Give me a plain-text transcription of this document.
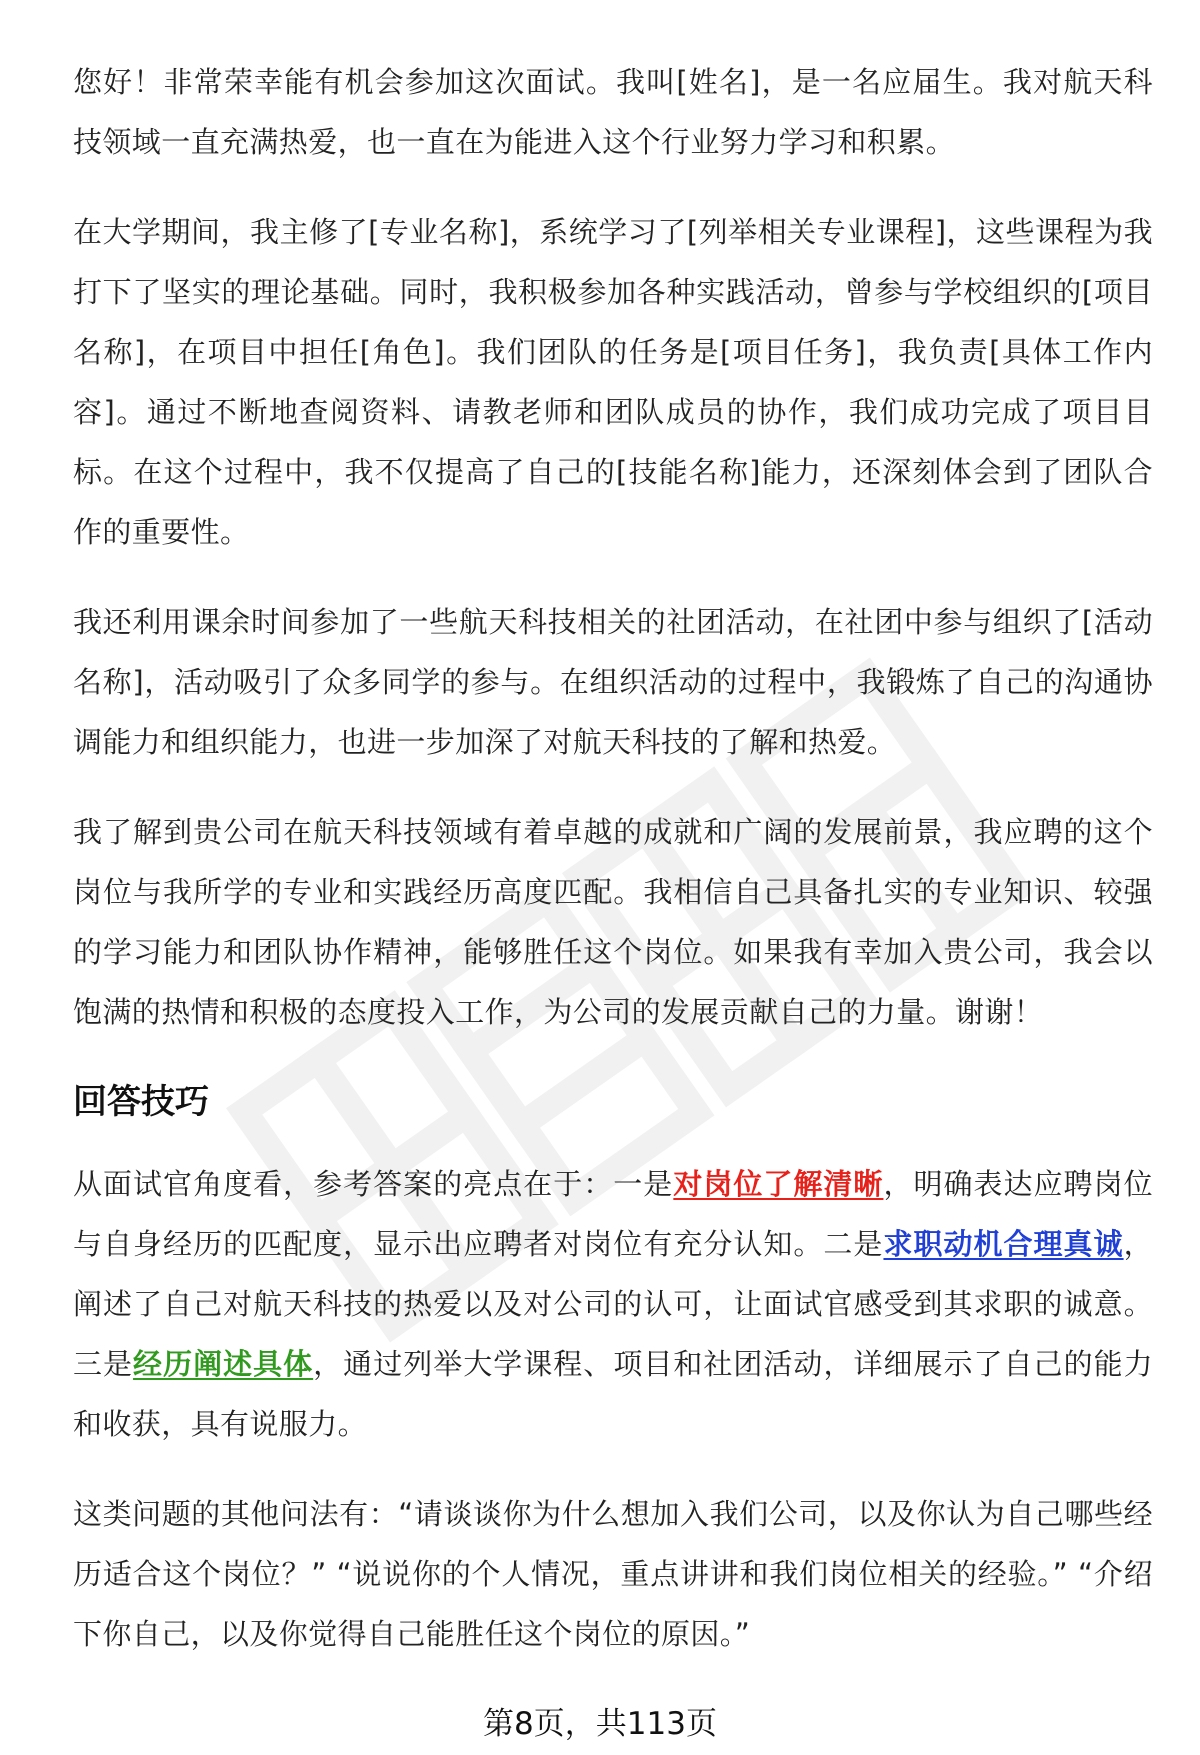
您好！非常荣幸能有机会参加这次面试。我叫[姓名]，是一名应届生。我对航天科技领域一直充满热爱，也一直在为能进入这个行业努力学习和积累。

在大学期间，我主修了[专业名称]，系统学习了[列举相关专业课程]，这些课程为我打下了坚实的理论基础。同时，我积极参加各种实践活动，曾参与学校组织的[项目名称]，在项目中担任[角色]。我们团队的任务是[项目任务]，我负责[具体工作内容]。通过不断地查阅资料、请教老师和团队成员的协作，我们成功完成了项目目标。在这个过程中，我不仅提高了自己的[技能名称]能力，还深刻体会到了团队合作的重要性。

我还利用课余时间参加了一些航天科技相关的社团活动，在社团中参与组织了[活动名称]，活动吸引了众多同学的参与。在组织活动的过程中，我锻炼了自己的沟通协调能力和组织能力，也进一步加深了对航天科技的了解和热爱。

我了解到贵公司在航天科技领域有着卓越的成就和广阔的发展前景，我应聘的这个岗位与我所学的专业和实践经历高度匹配。我相信自己具备扎实的专业知识、较强的学习能力和团队协作精神，能够胜任这个岗位。如果我有幸加入贵公司，我会以饱满的热情和积极的态度投入工作，为公司的发展贡献自己的力量。谢谢！

回答技巧

从面试官角度看，参考答案的亮点在于：一是对岗位了解清晰，明确表达应聘岗位与自身经历的匹配度，显示出应聘者对岗位有充分认知。二是求职动机合理真诚，阐述了自己对航天科技的热爱以及对公司的认可，让面试官感受到其求职的诚意。三是经历阐述具体，通过列举大学课程、项目和社团活动，详细展示了自己的能力和收获，具有说服力。

这类问题的其他问法有：“请谈谈你为什么想加入我们公司，以及你认为自己哪些经历适合这个岗位？” “说说你的个人情况，重点讲讲和我们岗位相关的经验。” “介绍下你自己，以及你觉得自己能胜任这个岗位的原因。”

第8页，共113页
